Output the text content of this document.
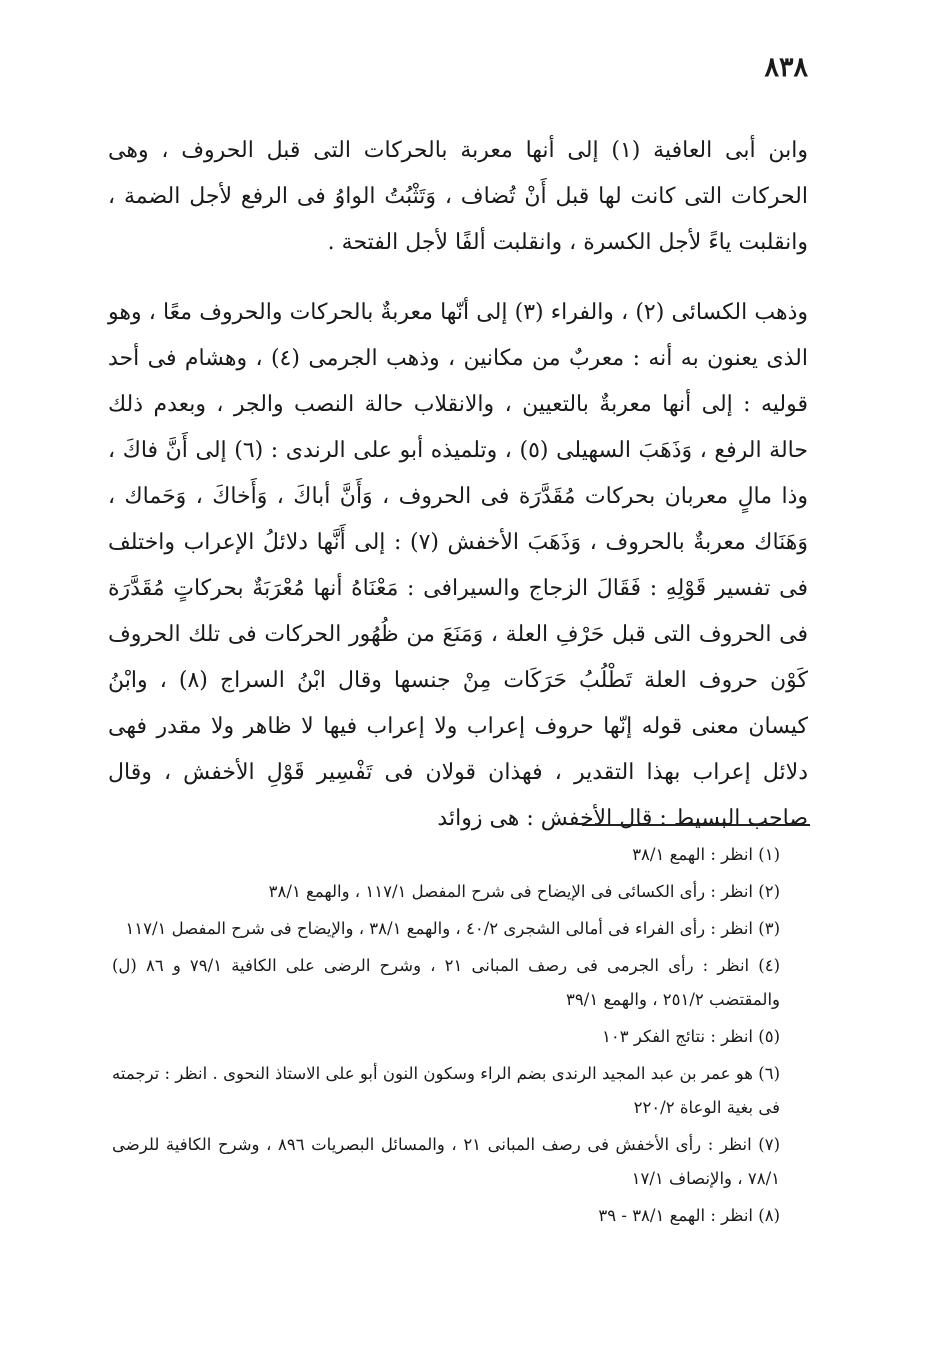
٨٣٨

وابن أبى العافية (١) إلى أنها معربة بالحركات التى قبل الحروف ، وهى الحركات التى كانت لها قبل أَنْ تُضاف ، وَتَثْبُتُ الواوُ فى الرفع لأجل الضمة ، وانقلبت ياءً لأجل الكسرة ، وانقلبت ألفًا لأجل الفتحة .

وذهب الكسائى (٢) ، والفراء (٣) إلى أنّها معربةٌ بالحركات والحروف معًا ، وهو الذى يعنون به أنه : معربٌ من مكانين ، وذهب الجرمى (٤) ، وهشام فى أحد قوليه : إلى أنها معربةٌ بالتعيين ، والانقلاب حالة النصب والجر ، وبعدم ذلك حالة الرفع ، وَذَهَبَ السهيلى (٥) ، وتلميذه أبو على الرندى : (٦) إلى أَنَّ فاكَ ، وذا مالٍ معربان بحركات مُقَدَّرَة فى الحروف ، وَأَنَّ أباكَ ، وَأَخاكَ ، وَحَماك ، وَهَنَاك معربةٌ بالحروف ، وَذَهَبَ الأخفش (٧) : إلى أَنَّها دلائلُ الإعراب واختلف فى تفسير قَوْلِهِ : فَقَالَ الزجاج والسيرافى : مَعْنَاهُ أنها مُعْرَبَةٌ بحركاتٍ مُقَدَّرَة فى الحروف التى قبل حَرْفِ العلة ، وَمَنَعَ من ظُهُور الحركات فى تلك الحروف كَوْن حروف العلة تَطْلُبُ حَرَكَات مِنْ جنسها وقال ابْنُ السراج (٨) ، وابْنُ كيسان معنى قوله إنّها حروف إعراب ولا إعراب فيها لا ظاهر ولا مقدر فهى دلائل إعراب بهذا التقدير ، فهذان قولان فى تَفْسِير قَوْلِ الأخفش ، وقال صاحب البسيط : قال الأخفش : هى زوائد

(١) انظر : الهمع ٣٨/١

(٢) انظر : رأى الكسائى فى الإيضاح فى شرح المفصل ١١٧/١ ، والهمع ٣٨/١

(٣) انظر : رأى الفراء فى أمالى الشجرى ٤٠/٢ ، والهمع ٣٨/١ ، والإيضاح فى شرح المفصل ١١٧/١

(٤) انظر : رأى الجرمى فى رصف المبانى ٢١ ، وشرح الرضى على الكافية ٧٩/١ و ٨٦ (ل) والمقتضب ٢٥١/٢ ، والهمع ٣٩/١

(٥) انظر : نتائج الفكر ١٠٣

(٦) هو عمر بن عبد المجيد الرندى بضم الراء وسكون النون أبو على الاستاذ النحوى . انظر : ترجمته فى بغية الوعاة ٢٢٠/٢

(٧) انظر : رأى الأخفش فى رصف المبانى ٢١ ، والمسائل البصريات ٨٩٦ ، وشرح الكافية للرضى ٧٨/١ ، والإنصاف ١٧/١

(٨) انظر : الهمع ٣٨/١ - ٣٩
